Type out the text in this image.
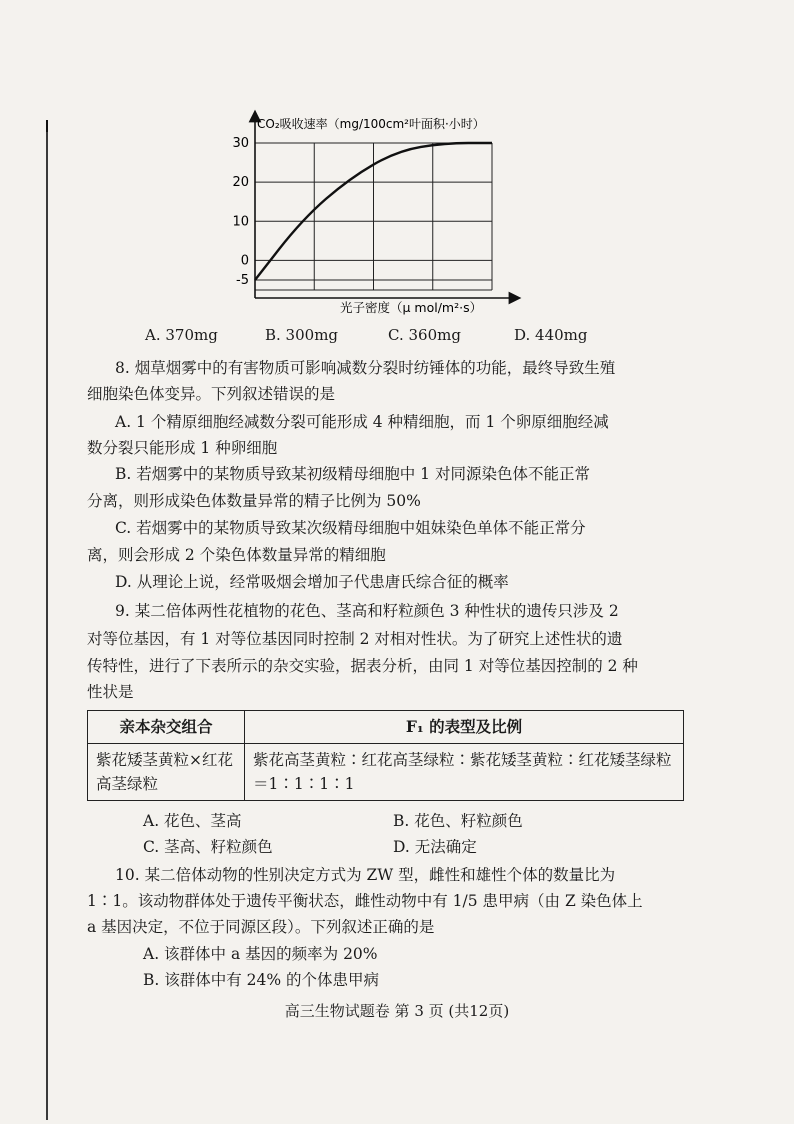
CO₂吸收速率（mg/100cm²叶面积·小时）
光子密度（μ mol/m²·s）
30
20
10
0
-5
A. 370mg	B. 300mg	C. 360mg	D. 440mg
8. 烟草烟雾中的有害物质可影响减数分裂时纺锤体的功能，最终导致生殖
细胞染色体变异。下列叙述错误的是
A. 1 个精原细胞经减数分裂可能形成 4 种精细胞，而 1 个卵原细胞经减
数分裂只能形成 1 种卵细胞
B. 若烟雾中的某物质导致某初级精母细胞中 1 对同源染色体不能正常
分离，则形成染色体数量异常的精子比例为 50%
C. 若烟雾中的某物质导致某次级精母细胞中姐妹染色单体不能正常分
离，则会形成 2 个染色体数量异常的精细胞
D. 从理论上说，经常吸烟会增加子代患唐氏综合征的概率
9. 某二倍体两性花植物的花色、茎高和籽粒颜色 3 种性状的遗传只涉及 2
对等位基因，有 1 对等位基因同时控制 2 对相对性状。为了研究上述性状的遗
传特性，进行了下表所示的杂交实验，据表分析，由同 1 对等位基因控制的 2 种
性状是
亲本杂交组合	F₁ 的表型及比例
紫花矮茎黄粒×红花高茎绿粒	紫花高茎黄粒∶红花高茎绿粒∶紫花矮茎黄粒∶红花矮茎绿粒＝1∶1∶1∶1
A. 花色、茎高	B. 花色、籽粒颜色
C. 茎高、籽粒颜色	D. 无法确定
10. 某二倍体动物的性别决定方式为 ZW 型，雌性和雄性个体的数量比为
1∶1。该动物群体处于遗传平衡状态，雌性动物中有 1/5 患甲病（由 Z 染色体上
a 基因决定，不位于同源区段）。下列叙述正确的是
A. 该群体中 a 基因的频率为 20%
B. 该群体中有 24% 的个体患甲病
高三生物试题卷 第 3 页 (共12页)
